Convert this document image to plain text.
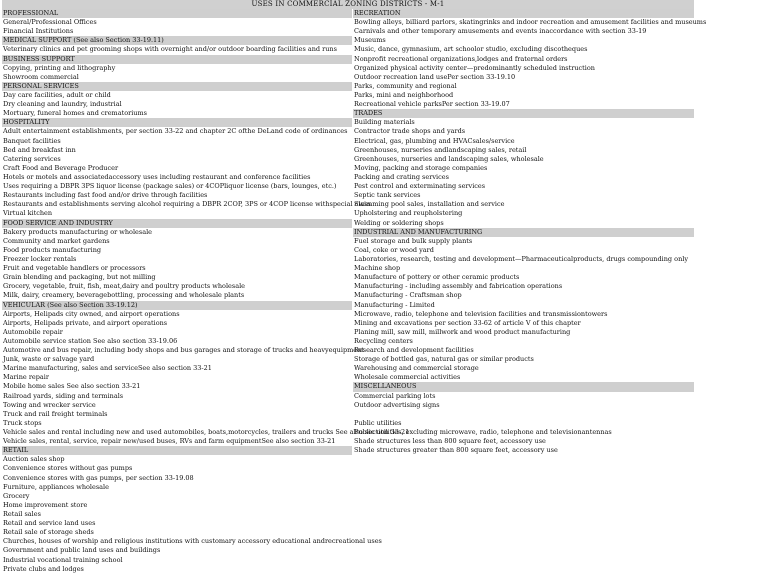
USES IN COMMERCIAL ZONING DISTRICTS - M-1
PROFESSIONAL
General/Professional Offices
Financial Institutions
MEDICAL SUPPORT (See also Section 33-19.11)
Veterinary clinics and pet grooming shops with overnight and/or outdoor boarding facilities and runs
BUSINESS SUPPORT
Copying, printing and lithography
Showroom commercial
PERSONAL SERVICES
Day care facilities, adult or child
Dry cleaning and laundry, industrial
Mortuary, funeral homes and crematoriums
HOSPITALITY
Adult entertainment establishments, per section 33-22 and chapter 2C ofthe DeLand code of ordinances
Banquet facilities
Bed and breakfast inn
Catering services
Craft Food and Beverage Producer
Hotels or motels and associatedaccessory uses including restaurant and conference facilities
Uses requiring a DBPR 3PS liquor license (package sales) or 4COPliquor license (bars, lounges, etc.)
Restaurants including fast food and/or drive through facilities
Restaurants and establishments serving alcohol requiring a DBPR 2COP, 3PS or 4COP license withspecial class
Virtual kitchen
FOOD SERVICE AND INDUSTRY
Bakery products manufacturing or wholesale
Community and market gardens
Food products manufacturing
Freezer locker rentals
Fruit and vegetable handlers or processors
Grain blending and packaging, but not milling
Grocery, vegetable, fruit, fish, meat,dairy and poultry products wholesale
Milk, dairy, creamery, beveragebottling, processing and wholesale plants
VEHICULAR (See also Section 33-19.12)
Airports, Helipads city owned, and airport operations
Airports, Helipads private, and airport operations
Automobile repair
Automobile service station See also section 33-19.06
Automotive and bus repair, including body shops and bus garages and storage of trucks and heavyequipment
Junk, waste or salvage yard
Marine manufacturing, sales and serviceSee also section 33-21
Marine repair
Mobile home sales See also section 33-21
Railroad yards, siding and terminals
Towing and wrecker service
Truck and rail freight terminals
Truck stops
Vehicle sales and rental including new and used automobiles, boats,motorcycles, trailers and trucks See also section 33-21
Vehicle sales, rental, service, repair new/used buses, RVs and farm equipmentSee also section 33-21
RETAIL
Auction sales shop
Convenience stores without gas pumps
Convenience stores with gas pumps, per section 33-19.08
Furniture, appliances wholesale
Grocery
Home improvement store
Retail sales
Retail and service land uses
Retail sale of storage sheds
Churches, houses of worship and religious institutions with customary accessory educational andrecreational uses
Government and public land uses and buildings
Industrial vocational training school
Private clubs and lodges
RECREATION
Bowling alleys, billiard parlors, skatingrinks and indoor recreation and amusement facilities and museums
Carnivals and other temporary amusements and events inaccordance with section 33-19
Museums
Music, dance, gymnasium, art schoolor studio, excluding discotheques
Nonprofit recreational organizations,lodges and fraternal orders
Organized physical activity center—predominantly scheduled instruction
Outdoor recreation land usePer section 33-19.10
Parks, community and regional
Parks, mini and neighborhood
Recreational vehicle parksPer section 33-19.07
TRADES
Building materials
Contractor trade shops and yards
Electrical, gas, plumbing and HVACsales/service
Greenhouses, nurseries andlandscaping sales, retail
Greenhouses, nurseries and landscaping sales, wholesale
Moving, packing and storage companies
Packing and crating services
Pest control and exterminating services
Septic tank services
Swimming pool sales, installation and service
Upholstering and reupholstering
Welding or soldering shops
INDUSTRIAL AND MANUFACTURING
Fuel storage and bulk supply plants
Coal, coke or wood yard
Laboratories, research, testing and development—Pharmaceuticalproducts, drugs compounding only
Machine shop
Manufacture of pottery or other ceramic products
Manufacturing - including assembly and fabrication operations
Manufacturing - Craftsman shop
Manufacturing - Limited
Microwave, radio, telephone and television facilities and transmissiontowers
Mining and excavations per section 33-62 of article V of this chapter
Planing mill, saw mill, millwork and wood product manufacturing
Recycling centers
Research and development facilities
Storage of bottled gas, natural gas or similar products
Warehousing and commercial storage
Wholesale commercial activities
MISCELLANEOUS
Commercial parking lots
Outdoor advertising signs
Public utilities
Public utilities, excluding microwave, radio, telephone and televisionantennas
Shade structures less than 800 square feet, accessory use
Shade structures greater than 800 square feet, accessory use
